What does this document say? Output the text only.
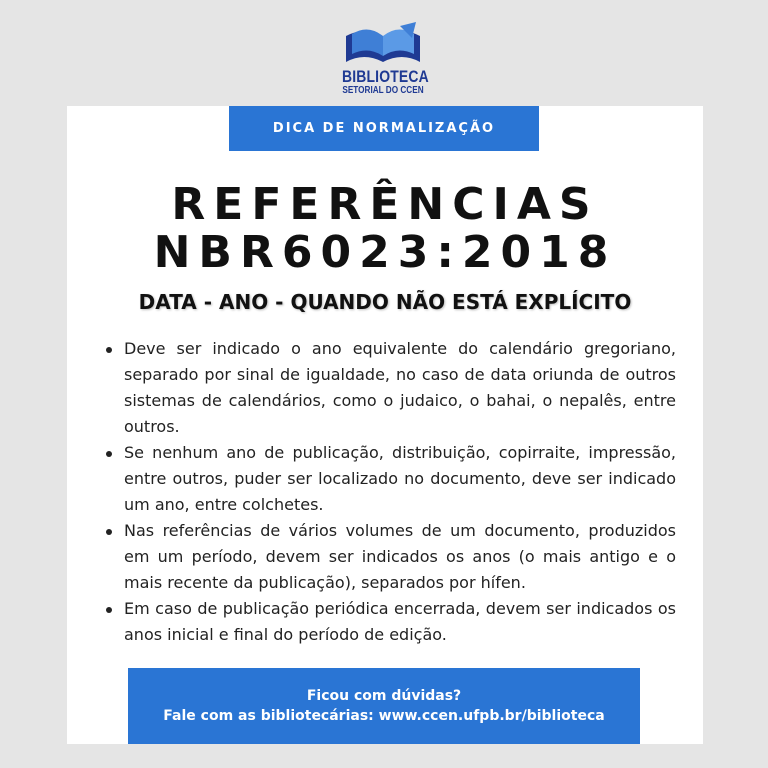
BIBLIOTECA
SETORIAL DO CCEN
DICA DE NORMALIZAÇÃO
REFERÊNCIAS
NBR6023:2018
DATA - ANO - QUANDO NÃO ESTÁ EXPLÍCITO
Deve ser indicado o ano equivalente do calendário gregoriano, separado por sinal de igualdade, no caso de data oriunda de outros sistemas de calendários, como o judaico, o bahai, o nepalês, entre outros.
Se nenhum ano de publicação, distribuição, copirraite, impressão, entre outros, puder ser localizado no documento, deve ser indicado um ano, entre colchetes.
Nas referências de vários volumes de um documento, produzidos em um período, devem ser indicados os anos (o mais antigo e o mais recente da publicação), separados por hífen.
Em caso de publicação periódica encerrada, devem ser indicados os anos inicial e final do período de edição.
Ficou com dúvidas?
Fale com as bibliotecárias: www.ccen.ufpb.br/biblioteca
